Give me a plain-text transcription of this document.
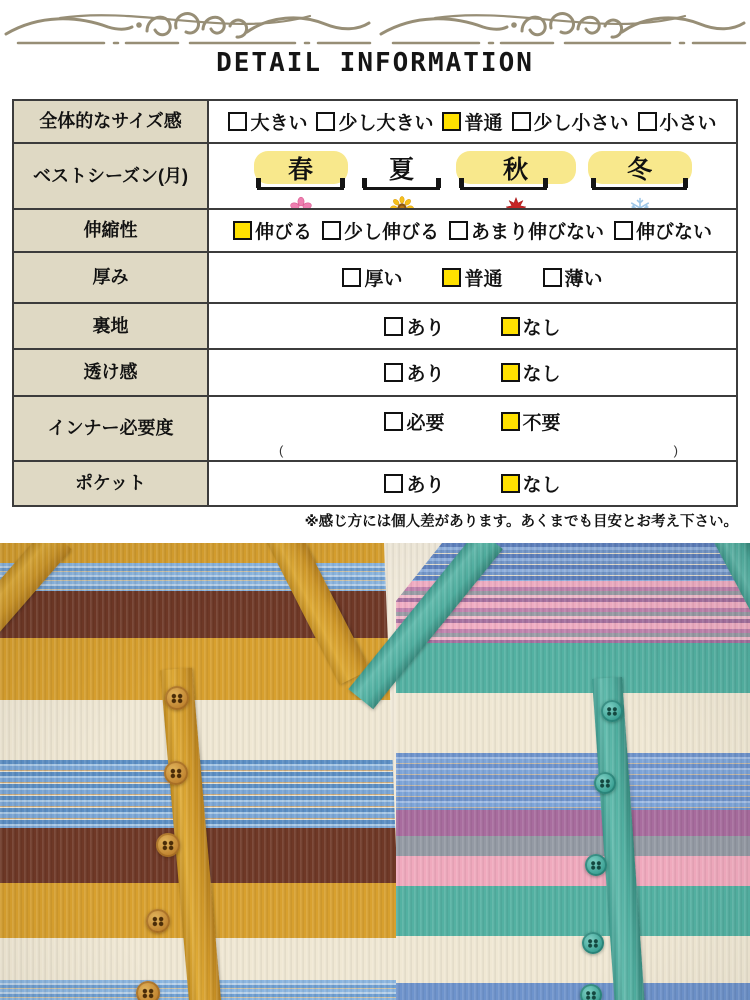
DETAIL INFORMATION
全体的なサイズ感	大きい 少し大きい 普通 少し小さい 小さい
ベストシーズン(月)	春	夏	秋	冬
伸縮性	伸びる 少し伸びる あまり伸びない 伸びない
厚み	厚い	普通	薄い
裏地	あり	なし
透け感	あり	なし
インナー必要度	必要	不要
(	)
ポケット	あり	なし
※感じ方には個人差があります。あくまでも目安とお考え下さい。
